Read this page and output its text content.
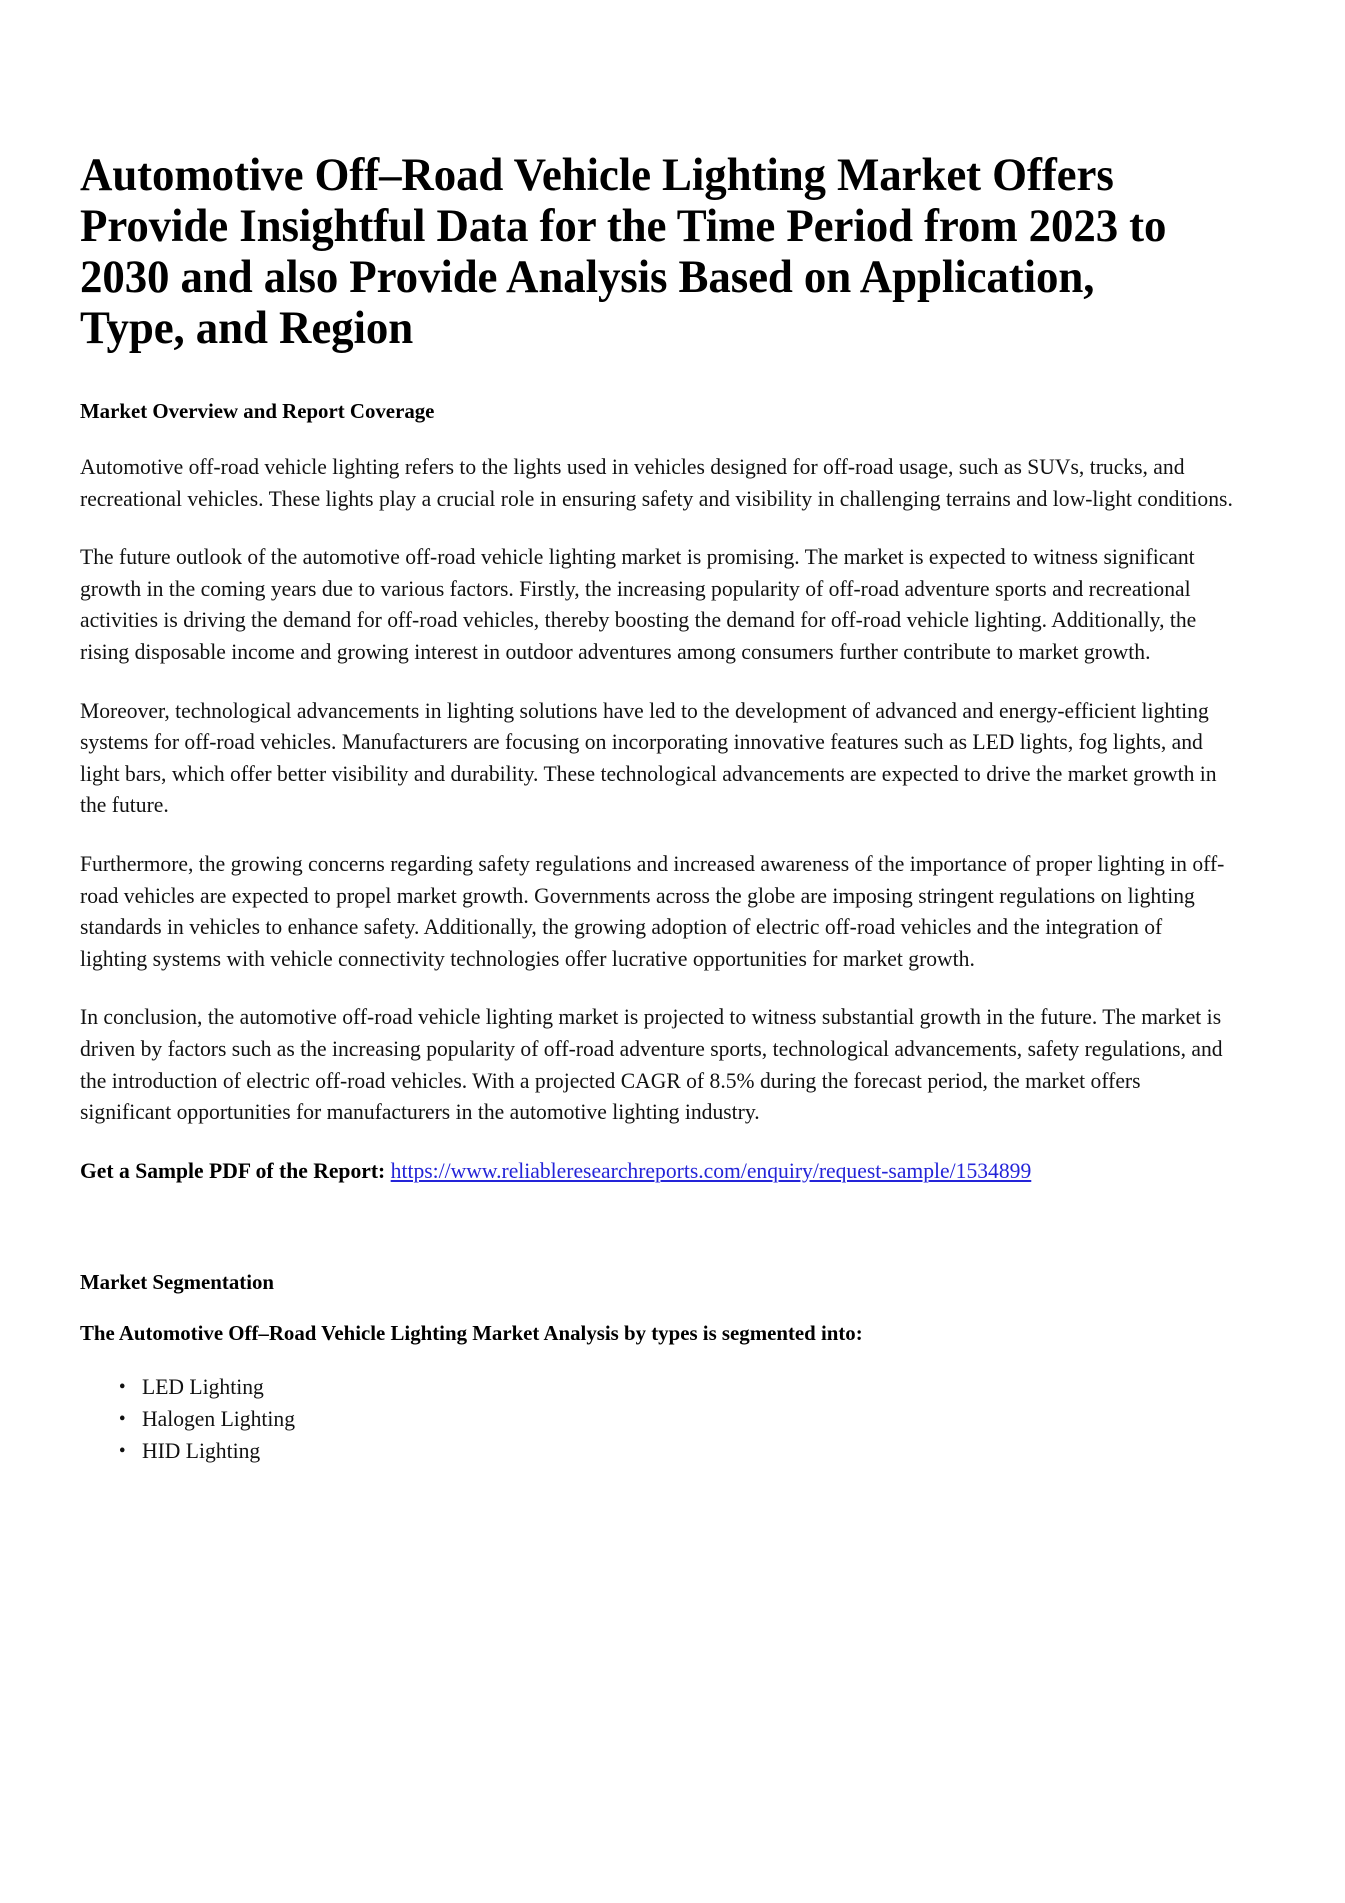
Automotive Off–Road Vehicle Lighting Market Offers Provide Insightful Data for the Time Period from 2023 to 2030 and also Provide Analysis Based on Application, Type, and Region
Market Overview and Report Coverage

Automotive off-road vehicle lighting refers to the lights used in vehicles designed for off-road usage, such as SUVs, trucks, and recreational vehicles. These lights play a crucial role in ensuring safety and visibility in challenging terrains and low-light conditions.

The future outlook of the automotive off-road vehicle lighting market is promising. The market is expected to witness significant growth in the coming years due to various factors. Firstly, the increasing popularity of off-road adventure sports and recreational activities is driving the demand for off-road vehicles, thereby boosting the demand for off-road vehicle lighting. Additionally, the rising disposable income and growing interest in outdoor adventures among consumers further contribute to market growth.

Moreover, technological advancements in lighting solutions have led to the development of advanced and energy-efficient lighting systems for off-road vehicles. Manufacturers are focusing on incorporating innovative features such as LED lights, fog lights, and light bars, which offer better visibility and durability. These technological advancements are expected to drive the market growth in the future.

Furthermore, the growing concerns regarding safety regulations and increased awareness of the importance of proper lighting in off-road vehicles are expected to propel market growth. Governments across the globe are imposing stringent regulations on lighting standards in vehicles to enhance safety. Additionally, the growing adoption of electric off-road vehicles and the integration of lighting systems with vehicle connectivity technologies offer lucrative opportunities for market growth.

In conclusion, the automotive off-road vehicle lighting market is projected to witness substantial growth in the future. The market is driven by factors such as the increasing popularity of off-road adventure sports, technological advancements, safety regulations, and the introduction of electric off-road vehicles. With a projected CAGR of 8.5% during the forecast period, the market offers significant opportunities for manufacturers in the automotive lighting industry.

Get a Sample PDF of the Report: https://www.reliableresearchreports.com/enquiry/request-sample/1534899

Market Segmentation
The Automotive Off–Road Vehicle Lighting Market Analysis by types is segmented into:
• LED Lighting
• Halogen Lighting
• HID Lighting
